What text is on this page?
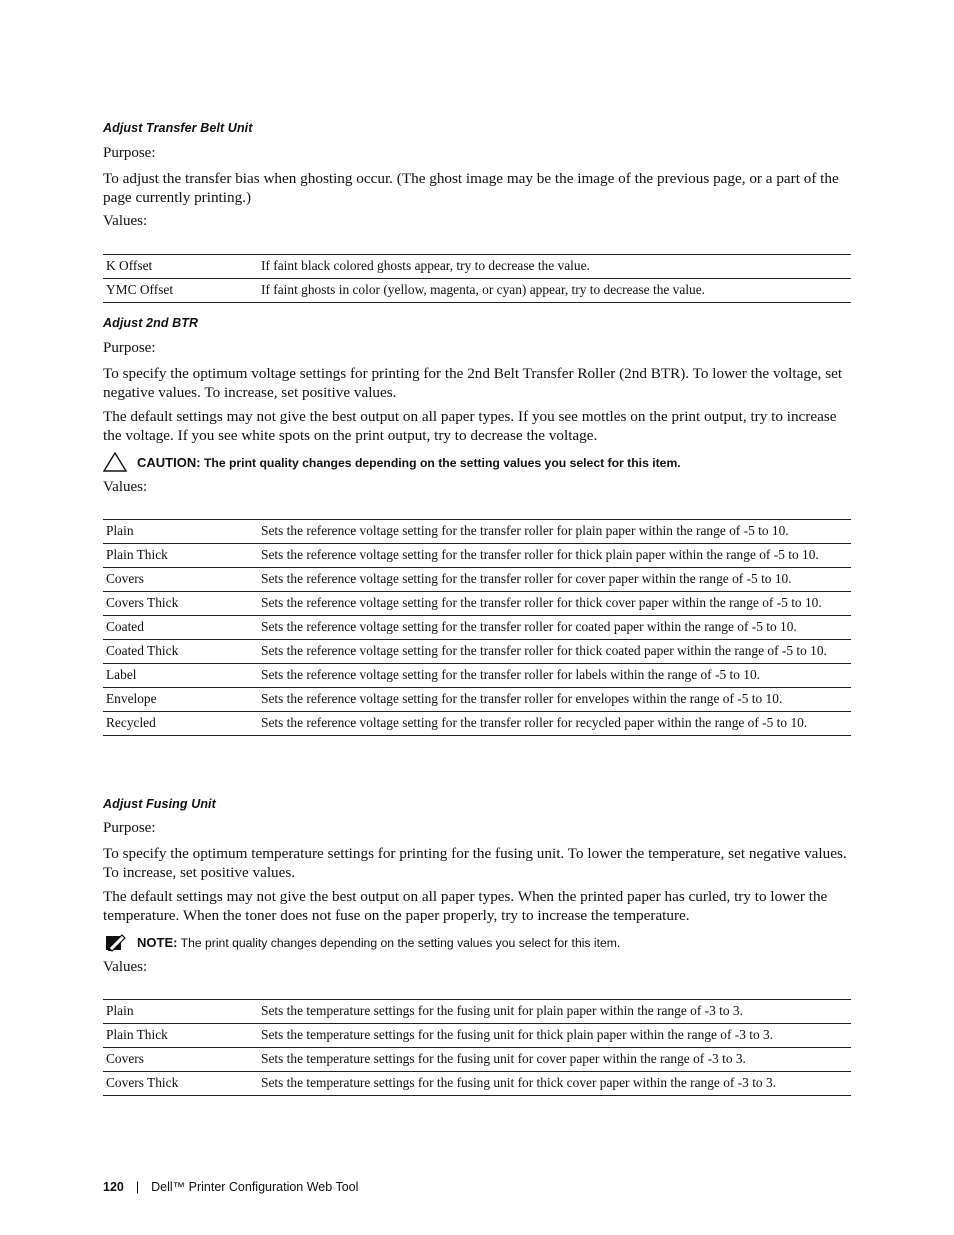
Adjust Transfer Belt Unit
Purpose:
To adjust the transfer bias when ghosting occur. (The ghost image may be the image of the previous page, or a part of the page currently printing.)
Values:
K Offset	If faint black colored ghosts appear, try to decrease the value.
YMC Offset	If faint ghosts in color (yellow, magenta, or cyan) appear, try to decrease the value.
Adjust 2nd BTR
Purpose:
To specify the optimum voltage settings for printing for the 2nd Belt Transfer Roller (2nd BTR). To lower the voltage, set negative values. To increase, set positive values.
The default settings may not give the best output on all paper types. If you see mottles on the print output, try to increase the voltage. If you see white spots on the print output, try to decrease the voltage.
CAUTION: The print quality changes depending on the setting values you select for this item.
Values:
Plain	Sets the reference voltage setting for the transfer roller for plain paper within the range of -5 to 10.
Plain Thick	Sets the reference voltage setting for the transfer roller for thick plain paper within the range of -5 to 10.
Covers	Sets the reference voltage setting for the transfer roller for cover paper within the range of -5 to 10.
Covers Thick	Sets the reference voltage setting for the transfer roller for thick cover paper within the range of -5 to 10.
Coated	Sets the reference voltage setting for the transfer roller for coated paper within the range of -5 to 10.
Coated Thick	Sets the reference voltage setting for the transfer roller for thick coated paper within the range of -5 to 10.
Label	Sets the reference voltage setting for the transfer roller for labels within the range of -5 to 10.
Envelope	Sets the reference voltage setting for the transfer roller for envelopes within the range of -5 to 10.
Recycled	Sets the reference voltage setting for the transfer roller for recycled paper within the range of -5 to 10.
Adjust Fusing Unit
Purpose:
To specify the optimum temperature settings for printing for the fusing unit. To lower the temperature, set negative values. To increase, set positive values.
The default settings may not give the best output on all paper types. When the printed paper has curled, try to lower the temperature. When the toner does not fuse on the paper properly, try to increase the temperature.
NOTE: The print quality changes depending on the setting values you select for this item.
Values:
Plain	Sets the temperature settings for the fusing unit for plain paper within the range of -3 to 3.
Plain Thick	Sets the temperature settings for the fusing unit for thick plain paper within the range of -3 to 3.
Covers	Sets the temperature settings for the fusing unit for cover paper within the range of -3 to 3.
Covers Thick	Sets the temperature settings for the fusing unit for thick cover paper within the range of -3 to 3.
120 | Dell™ Printer Configuration Web Tool
